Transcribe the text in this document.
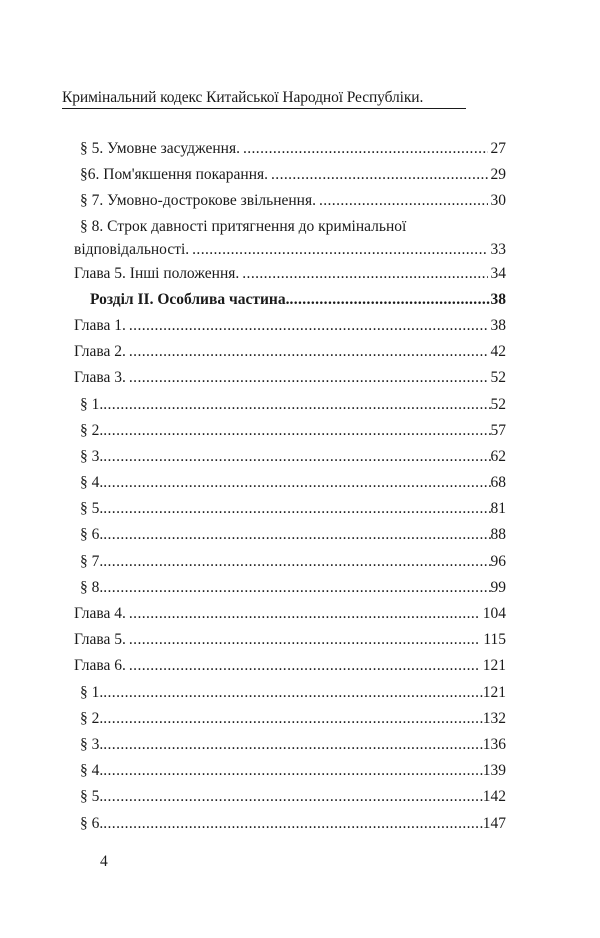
Кримінальний кодекс Китайської Народної Республіки.
§ 5. Умовне засудження. .....	27
§6. Пом'якшення покарання. .....	29
§ 7. Умовно-дострокове звільнення. .....	30
§ 8. Строк давності притягнення до кримінальної
відповідальності. .....	33
Глава 5. Інші положення. .....	34
Розділ II. Особлива частина. .....	38
Глава 1. .....	38
Глава 2. .....	42
Глава 3. .....	52
§ 1. .....	52
§ 2. .....	57
§ 3. .....	62
§ 4. .....	68
§ 5. .....	81
§ 6. .....	88
§ 7. .....	96
§ 8. .....	99
Глава 4. .....	104
Глава 5. .....	115
Глава 6. .....	121
§ 1. .....	121
§ 2. .....	132
§ 3. .....	136
§ 4. .....	139
§ 5. .....	142
§ 6. .....	147
4
